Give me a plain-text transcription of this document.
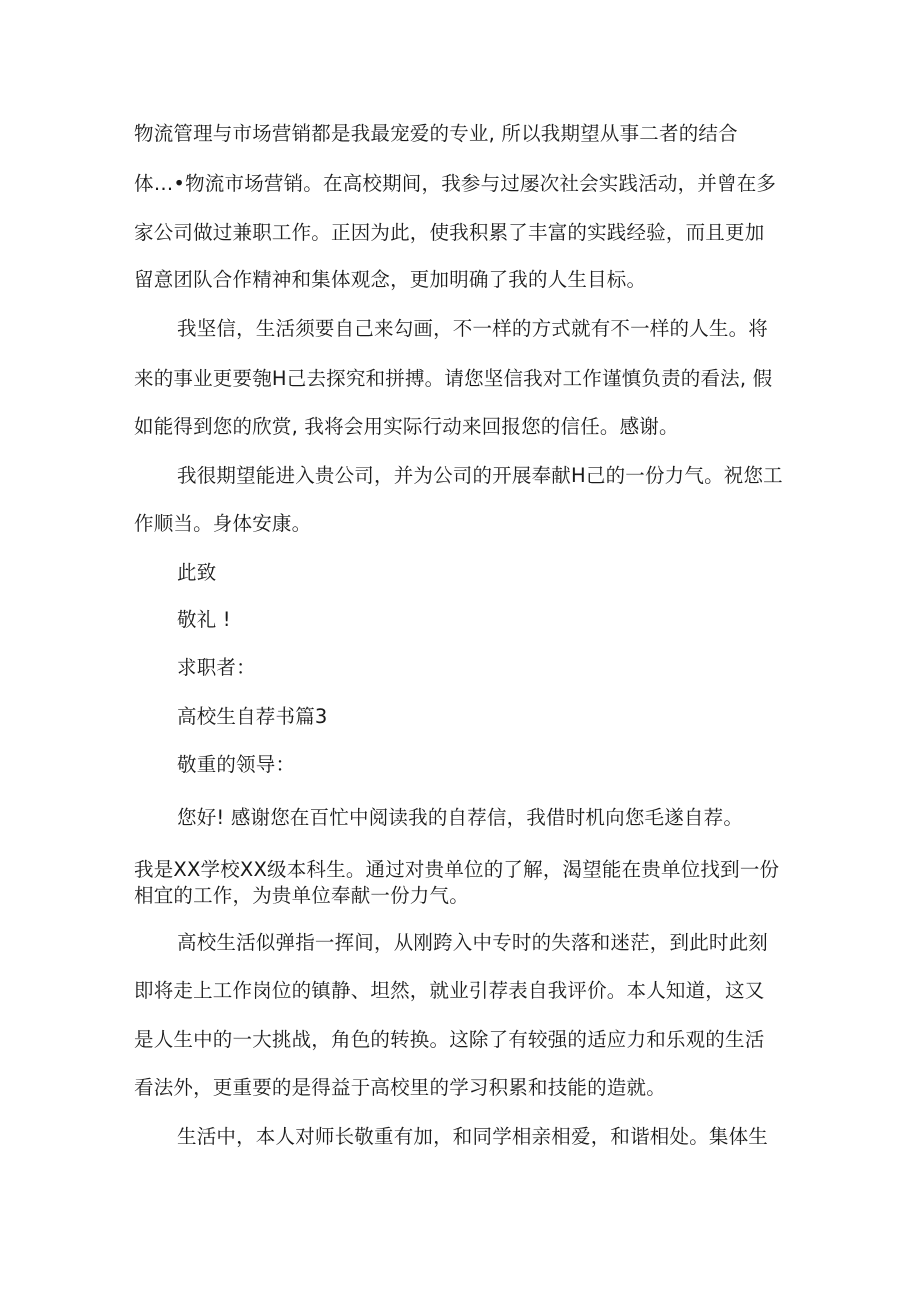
物流管理与市场营销都是我最宠爱的专业, 所以我期望从事二者的结合

体…•物流市场营销。在高校期间，我参与过屡次社会实践活动，并曾在多

家公司做过兼职工作。正因为此，使我积累了丰富的实践经验，而且更加

留意团队合作精神和集体观念，更加明确了我的人生目标。

我坚信，生活须要自己来勾画，不一样的方式就有不一样的人生。将

来的事业更要匏H己去探究和拼搏。请您坚信我对工作谨慎负责的看法, 假

如能得到您的欣赏, 我将会用实际行动来回报您的信任。感谢。

我很期望能进入贵公司，并为公司的开展奉献H己的一份力气。祝您工

作顺当。身体安康。

此致

敬礼 !

求职者：

高校生自荐书篇3

敬重的领导：

您好! 感谢您在百忙中阅读我的自荐信，我借时机向您毛遂自荐。

我是XX学校XX级本科生。通过对贵单位的了解，渴望能在贵单位找到一份

相宜的工作，为贵单位奉献一份力气。

高校生活似弹指一挥间，从刚跨入中专时的失落和迷茫，到此时此刻

即将走上工作岗位的镇静、坦然，就业引荐表自我评价。本人知道，这又

是人生中的一大挑战，角色的转换。这除了有较强的适应力和乐观的生活

看法外，更重要的是得益于高校里的学习积累和技能的造就。

生活中，本人对师长敬重有加，和同学相亲相爱，和谐相处。集体生
